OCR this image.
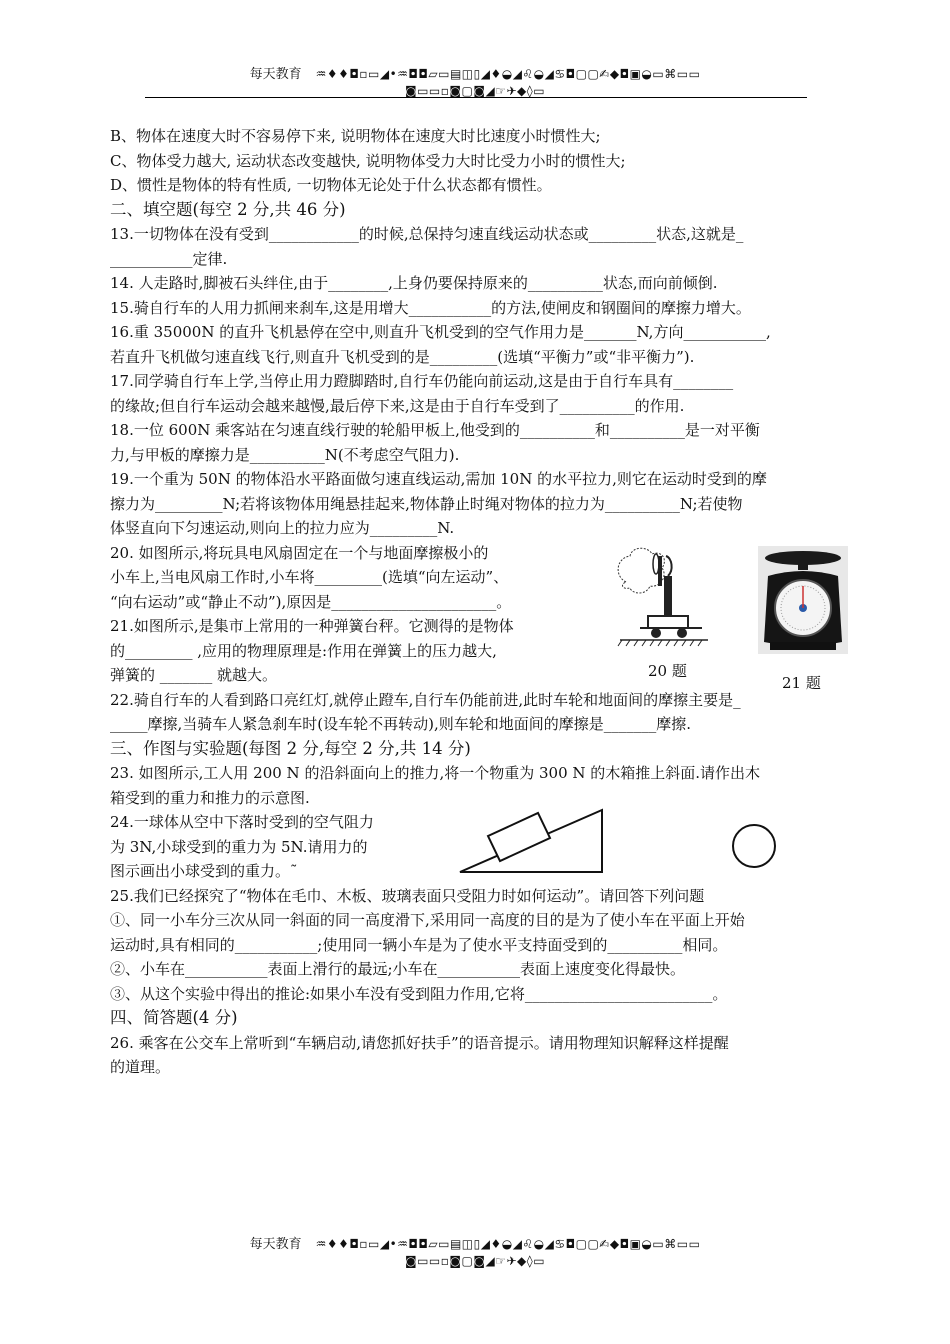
每天教育 ♒♦♦◘▫▭◢•♒◘◘▱▭▤◫▯◢♦◒◢♌◒◢♋◘▢▢✍◆◘▣◒▭⌘▭▭
◙▭▭▫◙▢◙◢☞✈◆◊▭
B、物体在速度大时不容易停下来, 说明物体在速度大时比速度小时惯性大;
C、物体受力越大, 运动状态改变越快, 说明物体受力大时比受力小时的惯性大;
D、惯性是物体的特有性质, 一切物体无论处于什么状态都有惯性。
二、填空题(每空 2 分,共 46 分)
13.一切物体在没有受到____________的时候,总保持匀速直线运动状态或_________状态,这就是_
___________定律.
14. 人走路时,脚被石头绊住,由于________,上身仍要保持原来的__________状态,而向前倾倒.
15.骑自行车的人用力抓闸来刹车,这是用增大___________的方法,使闸皮和钢圈间的摩擦力增大。
16.重 35000N 的直升飞机悬停在空中,则直升飞机受到的空气作用力是_______N,方向___________,
若直升飞机做匀速直线飞行,则直升飞机受到的是_________(选填“平衡力”或“非平衡力”).
17.同学骑自行车上学,当停止用力蹬脚踏时,自行车仍能向前运动,这是由于自行车具有________
的缘故;但自行车运动会越来越慢,最后停下来,这是由于自行车受到了__________的作用.
18.一位 600N 乘客站在匀速直线行驶的轮船甲板上,他受到的__________和__________是一对平衡
力,与甲板的摩擦力是__________N(不考虑空气阻力).
19.一个重为 50N 的物体沿水平路面做匀速直线运动,需加 10N 的水平拉力,则它在运动时受到的摩
擦力为_________N;若将该物体用绳悬挂起来,物体静止时绳对物体的拉力为__________N;若使物
体竖直向下匀速运动,则向上的拉力应为_________N.
20. 如图所示,将玩具电风扇固定在一个与地面摩擦极小的
小车上,当电风扇工作时,小车将_________(选填“向左运动”、
“向右运动”或“静止不动”),原因是______________________。
21.如图所示,是集市上常用的一种弹簧台秤。它测得的是物体
的_________ ,应用的物理原理是:作用在弹簧上的压力越大,
弹簧的 _______ 就越大。
22.骑自行车的人看到路口亮红灯,就停止蹬车,自行车仍能前进,此时车轮和地面间的摩擦主要是_
_____摩擦,当骑车人紧急刹车时(设车轮不再转动),则车轮和地面间的摩擦是_______摩擦.
三、作图与实验题(每图 2 分,每空 2 分,共 14 分)
23. 如图所示,工人用 200 N 的沿斜面向上的推力,将一个物重为 300 N 的木箱推上斜面.请作出木
箱受到的重力和推力的示意图.
24.一球体从空中下落时受到的空气阻力
为 3N,小球受到的重力为 5N.请用力的
图示画出小球受到的重力。˜
25.我们已经探究了“物体在毛巾、木板、玻璃表面只受阻力时如何运动”。请回答下列问题
①、同一小车分三次从同一斜面的同一高度滑下,采用同一高度的目的是为了使小车在平面上开始
运动时,具有相同的___________;使用同一辆小车是为了使水平支持面受到的__________相同。
②、小车在___________表面上滑行的最远;小车在___________表面上速度变化得最快。
③、从这个实验中得出的推论:如果小车没有受到阻力作用,它将_________________________。
四、简答题(4 分)
26. 乘客在公交车上常听到“车辆启动,请您抓好扶手”的语音提示。请用物理知识解释这样提醒
的道理。
20 题
21 题
每天教育 ♒♦♦◘▫▭◢•♒◘◘▱▭▤◫▯◢♦◒◢♌◒◢♋◘▢▢✍◆◘▣◒▭⌘▭▭
◙▭▭▫◙▢◙◢☞✈◆◊▭
